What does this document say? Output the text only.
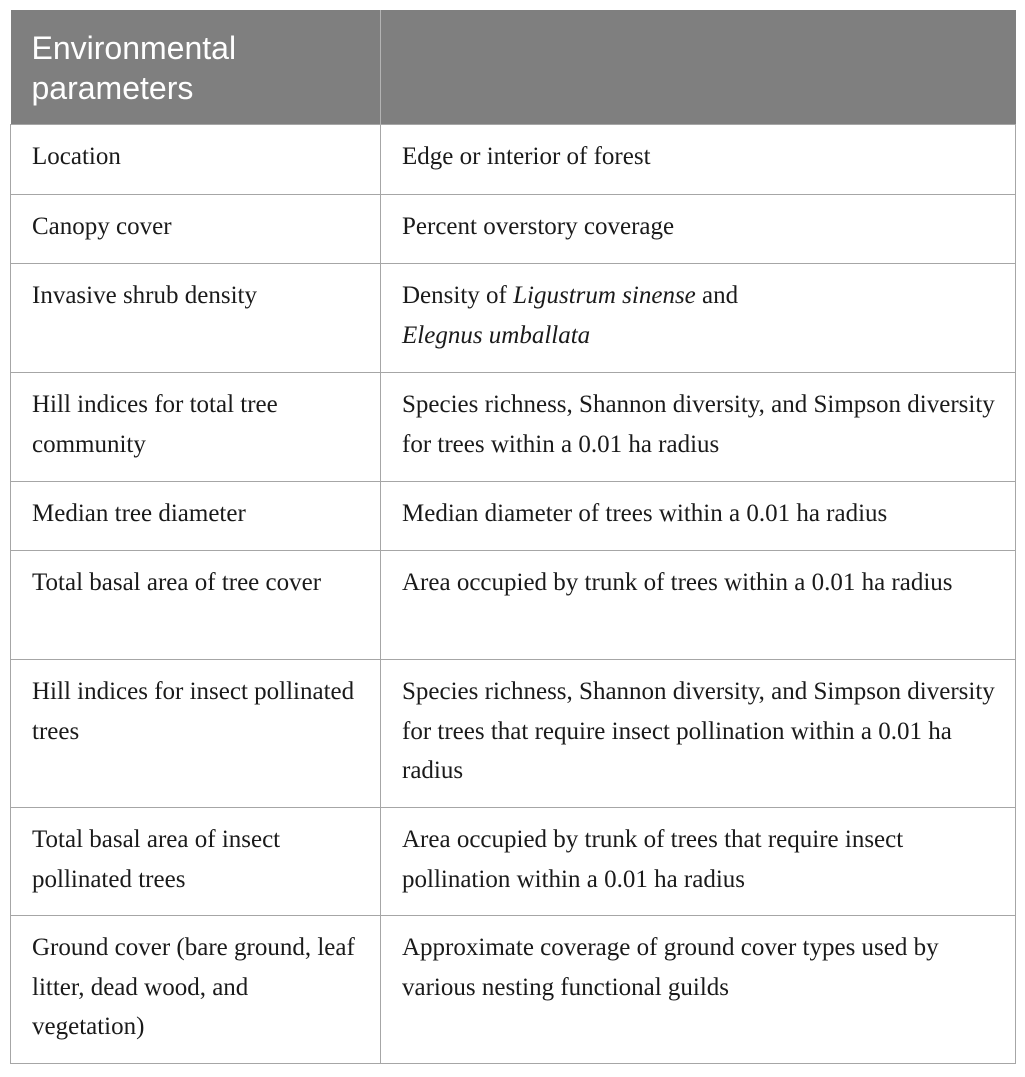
Environmental parameters	
Location	Edge or interior of forest
Canopy cover	Percent overstory coverage
Invasive shrub density	Density of Ligustrum sinense and
Elegnus umballata
Hill indices for total tree community	Species richness, Shannon diversity, and Simpson diversity for trees within a 0.01 ha radius
Median tree diameter	Median diameter of trees within a 0.01 ha radius
Total basal area of tree cover	Area occupied by trunk of trees within a 0.01 ha radius
Hill indices for insect pollinated trees	Species richness, Shannon diversity, and Simpson diversity for trees that require insect pollination within a 0.01 ha radius
Total basal area of insect pollinated trees	Area occupied by trunk of trees that require insect pollination within a 0.01 ha radius
Ground cover (bare ground, leaf litter, dead wood, and vegetation)	Approximate coverage of ground cover types used by various nesting functional guilds
